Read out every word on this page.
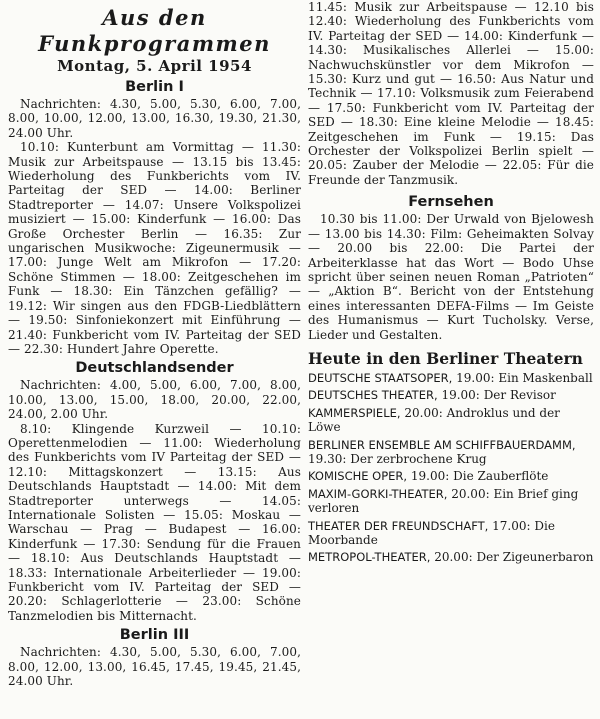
Aus den Funkprogrammen
Montag, 5. April 1954
Berlin I

Nachrichten: 4.30, 5.00, 5.30, 6.00, 7.00, 8.00, 10.00, 12.00, 13.00, 16.30, 19.30, 21.30, 24.00 Uhr.

10.10: Kunterbunt am Vormittag — 11.30: Musik zur Arbeitspause — 13.15 bis 13.45: Wiederholung des Funkberichts vom IV. Parteitag der SED — 14.00: Berliner Stadtreporter — 14.07: Unsere Volkspolizei musiziert — 15.00: Kinderfunk — 16.00: Das Große Orchester Berlin — 16.35: Zur ungarischen Musikwoche: Zigeunermusik — 17.00: Junge Welt am Mikrofon — 17.20: Schöne Stimmen — 18.00: Zeitgeschehen im Funk — 18.30: Ein Tänzchen gefällig? — 19.12: Wir singen aus den FDGB-Liedblättern — 19.50: Sinfoniekonzert mit Einführung — 21.40: Funkbericht vom IV. Parteitag der SED — 22.30: Hundert Jahre Operette.

Deutschlandsender

Nachrichten: 4.00, 5.00, 6.00, 7.00, 8.00, 10.00, 13.00, 15.00, 18.00, 20.00, 22.00, 24.00, 2.00 Uhr.

8.10: Klingende Kurzweil — 10.10: Operettenmelodien — 11.00: Wiederholung des Funkberichts vom IV Parteitag der SED — 12.10: Mittagskonzert — 13.15: Aus Deutschlands Hauptstadt — 14.00: Mit dem Stadtreporter unterwegs — 14.05: Internationale Solisten — 15.05: Moskau — Warschau — Prag — Budapest — 16.00: Kinderfunk — 17.30: Sendung für die Frauen — 18.10: Aus Deutschlands Hauptstadt — 18.33: Internationale Arbeiterlieder — 19.00: Funkbericht vom IV. Parteitag der SED — 20.20: Schlagerlotterie — 23.00: Schöne Tanzmelodien bis Mitternacht.

Berlin III

Nachrichten: 4.30, 5.00, 5.30, 6.00, 7.00, 8.00, 12.00, 13.00, 16.45, 17.45, 19.45, 21.45, 24.00 Uhr.

11.45: Musik zur Arbeitspause — 12.10 bis 12.40: Wiederholung des Funkberichts vom IV. Parteitag der SED — 14.00: Kinderfunk — 14.30: Musikalisches Allerlei — 15.00: Nachwuchskünstler vor dem Mikrofon — 15.30: Kurz und gut — 16.50: Aus Natur und Technik — 17.10: Volksmusik zum Feierabend — 17.50: Funkbericht vom IV. Parteitag der SED — 18.30: Eine kleine Melodie — 18.45: Zeitgeschehen im Funk — 19.15: Das Orchester der Volkspolizei Berlin spielt — 20.05: Zauber der Melodie — 22.05: Für die Freunde der Tanzmusik.

Fernsehen

10.30 bis 11.00: Der Urwald von Bjelowesh — 13.00 bis 14.30: Film: Geheimakten Solvay — 20.00 bis 22.00: Die Partei der Arbeiterklasse hat das Wort — Bodo Uhse spricht über seinen neuen Roman „Patrioten“ — „Aktion B“. Bericht von der Entstehung eines interessanten DEFA-Films — Im Geiste des Humanismus — Kurt Tucholsky. Verse, Lieder und Gestalten.

Heute in den Berliner Theatern
DEUTSCHE STAATSOPER, 19.00: Ein Maskenball
DEUTSCHES THEATER, 19.00: Der Revisor
KAMMERSPIELE, 20.00: Androklus und der Löwe
BERLINER ENSEMBLE AM SCHIFFBAUERDAMM, 19.30: Der zerbrochene Krug
KOMISCHE OPER, 19.00: Die Zauberflöte
MAXIM-GORKI-THEATER, 20.00: Ein Brief ging verloren
THEATER DER FREUNDSCHAFT, 17.00: Die Moorbande
METROPOL-THEATER, 20.00: Der Zigeunerbaron
